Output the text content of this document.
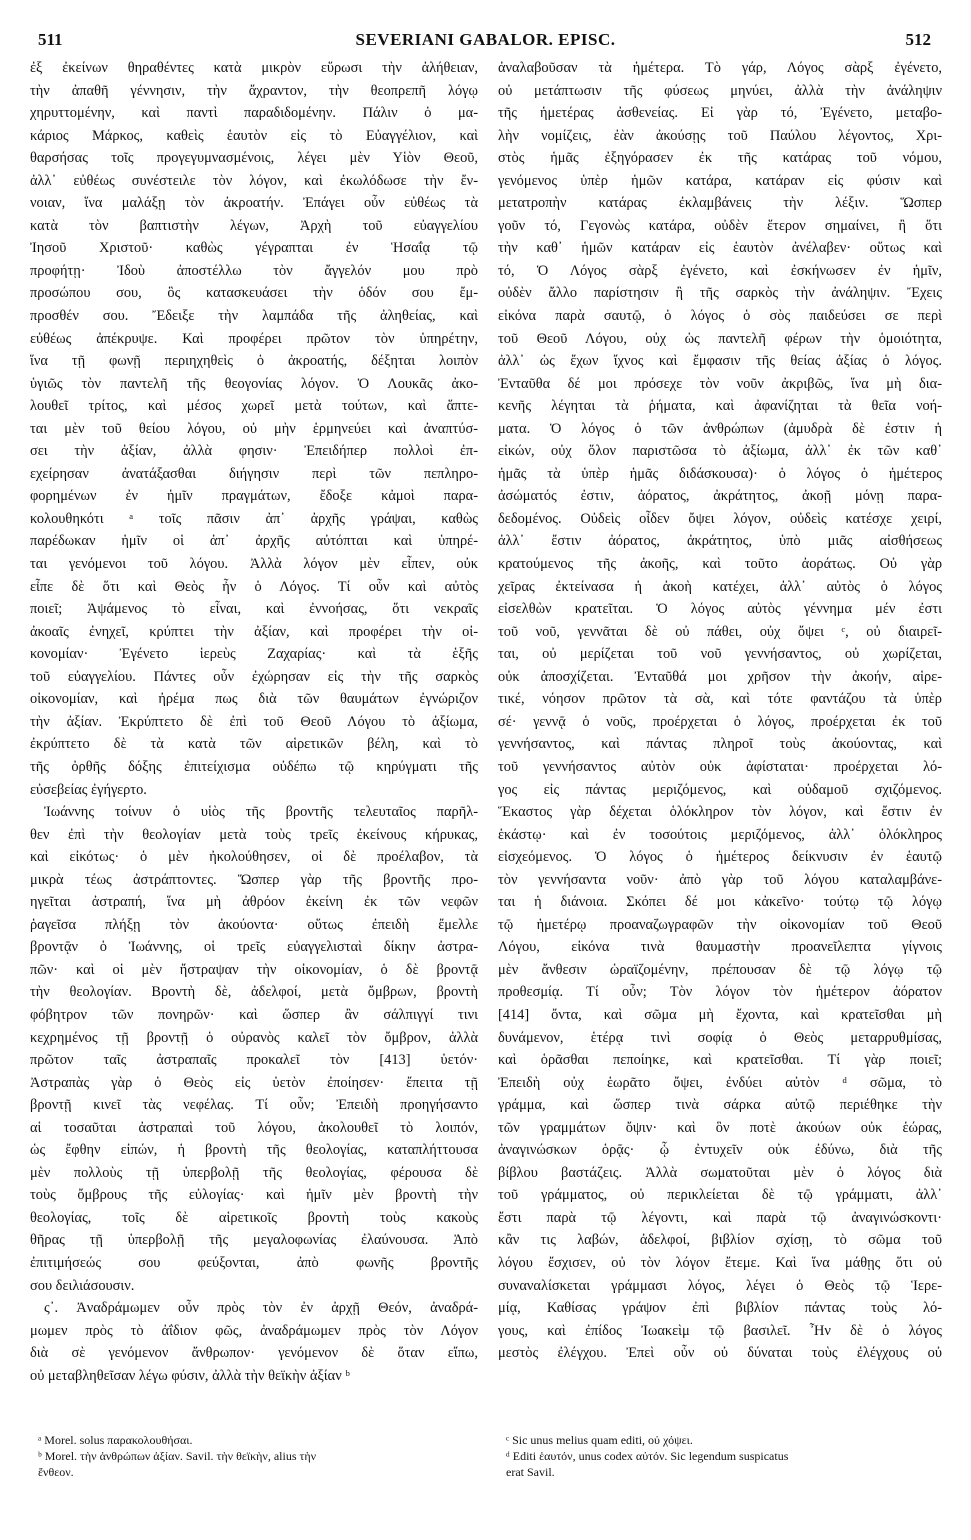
511	SEVERIANI GABALOR. EPISC.	512
ἐξ ἐκείνων θηραθέντες κατὰ μικρὸν εὕρωσι τὴν ἀλήθειαν,
τὴν ἀπαθῆ γέννησιν, τὴν ἄχραντον, τὴν θεοπρεπῆ λόγῳ
χηρυττομένην, καὶ παντὶ παραδιδομένην. Πάλιν ὁ μα-
κάριος Μάρκος, καθεὶς ἑαυτὸν εἰς τὸ Εὐαγγέλιον, καὶ
θαρσήσας τοῖς προγεγυμνασμένοις, λέγει μὲν Υἱὸν Θεοῦ,
ἀλλ᾽ εὐθέως συνέστειλε τὸν λόγον, καὶ ἐκωλόδωσε τὴν ἔν-
νοιαν, ἵνα μαλάξῃ τὸν ἀκροατήν. Ἐπάγει οὖν εὐθέως τὰ
κατὰ τὸν βαπτιστὴν λέγων, Ἀρχὴ τοῦ εὐαγγελίου
Ἰησοῦ Χριστοῦ· καθὼς γέγραπται ἐν Ἡσαΐᾳ τῷ
προφήτῃ· Ἰδοὺ ἀποστέλλω τὸν ἄγγελόν μου πρὸ
προσώπου σου, ὃς κατασκευάσει τὴν ὁδόν σου ἔμ-
προσθέν σου. Ἔδειξε τὴν λαμπάδα τῆς ἀληθείας, καὶ
εὐθέως ἀπέκρυψε. Καὶ προφέρει πρῶτον τὸν ὑπηρέτην,
ἵνα τῇ φωνῇ περιηχηθεὶς ὁ ἀκροατής, δέξηται λοιπὸν
ὑγιῶς τὸν παντελῆ τῆς θεογονίας λόγον. Ὁ Λουκᾶς ἀκο-
λουθεῖ τρίτος, καὶ μέσος χωρεῖ μετὰ τούτων, καὶ ἅπτε-
ται μὲν τοῦ θείου λόγου, οὐ μὴν ἑρμηνεύει καὶ ἀναπτύσ-
σει τὴν ἀξίαν, ἀλλὰ φησιν· Ἐπειδήπερ πολλοὶ ἐπ-
εχείρησαν ἀνατάξασθαι διήγησιν περὶ τῶν πεπληρο-
φορημένων ἐν ἡμῖν πραγμάτων, ἔδοξε κἀμοὶ παρα-
κολουθηκότι ᵃ τοῖς πᾶσιν ἀπ᾽ ἀρχῆς γράψαι, καθὼς
παρέδωκαν ἡμῖν οἱ ἀπ᾽ ἀρχῆς αὐτόπται καὶ ὑπηρέ-
ται γενόμενοι τοῦ λόγου. Ἀλλὰ λόγον μὲν εἶπεν, οὐκ
εἶπε δὲ ὅτι καὶ Θεὸς ἦν ὁ Λόγος. Τί οὖν καὶ αὐτὸς
ποιεῖ; Ἀψάμενος τὸ εἶναι, καὶ ἐννοήσας, ὅτι νεκραῖς
ἀκοαῖς ἐνηχεῖ, κρύπτει τὴν ἀξίαν, καὶ προφέρει τὴν οἰ-
κονομίαν· Ἐγένετο ἱερεὺς Ζαχαρίας· καὶ τὰ ἑξῆς
τοῦ εὐαγγελίου. Πάντες οὖν ἐχώρησαν εἰς τὴν τῆς σαρκὸς
οἰκονομίαν, καὶ ἠρέμα πως διὰ τῶν θαυμάτων ἐγνώριζον
τὴν ἀξίαν. Ἐκρύπτετο δὲ ἐπὶ τοῦ Θεοῦ Λόγου τὸ ἀξίωμα,
ἐκρύπτετο δὲ τὰ κατὰ τῶν αἱρετικῶν βέλη, καὶ τὸ
τῆς ὀρθῆς δόξης ἐπιτείχισμα οὐδέπω τῷ κηρύγματι τῆς
εὐσεβείας ἐγήγερτο.
Ἰωάννης τοίνυν ὁ υἱὸς τῆς βροντῆς τελευταῖος παρῆλ-
θεν ἐπὶ τὴν θεολογίαν μετὰ τοὺς τρεῖς ἐκείνους κήρυκας,
καὶ εἰκότως· ὁ μὲν ἠκολούθησεν, οἱ δὲ προέλαβον, τὰ
μικρὰ τέως ἀστράπτοντες. Ὥσπερ γὰρ τῆς βροντῆς προ-
ηγεῖται ἀστραπή, ἵνα μὴ ἀθρόον ἐκείνη ἐκ τῶν νεφῶν
ῥαγεῖσα πλήξῃ τὸν ἀκούοντα· οὕτως ἐπειδὴ ἔμελλε
βροντᾷν ὁ Ἰωάννης, οἱ τρεῖς εὐαγγελισταὶ δίκην ἀστρα-
πῶν· καὶ οἱ μὲν ἤστραψαν τὴν οἰκονομίαν, ὁ δὲ βροντᾷ
τὴν θεολογίαν. Βροντὴ δὲ, ἀδελφοί, μετὰ ὄμβρων, βροντὴ
φόβητρον τῶν πονηρῶν· καὶ ὥσπερ ἂν σάλπιγγί τινι
κεχρημένος τῇ βροντῇ ὁ οὐρανὸς καλεῖ τὸν ὄμβρον, ἀλλὰ
πρῶτον ταῖς ἀστραπαῖς προκαλεῖ τὸν [413] ὑετόν·
Ἀστραπὰς γὰρ ὁ Θεὸς εἰς ὑετὸν ἐποίησεν· ἔπειτα τῇ
βροντῇ κινεῖ τὰς νεφέλας. Τί οὖν; Ἐπειδὴ προηγήσαντο
αἱ τοσαῦται ἀστραπαὶ τοῦ λόγου, ἀκολουθεῖ τὸ λοιπόν,
ὡς ἔφθην εἰπών, ἡ βροντὴ τῆς θεολογίας, καταπλήττουσα
μὲν πολλοὺς τῇ ὑπερβολῇ τῆς θεολογίας, φέρουσα δὲ
τοὺς ὄμβρους τῆς εὐλογίας· καὶ ἡμῖν μὲν βροντὴ τὴν
θεολογίας, τοῖς δὲ αἱρετικοῖς βροντὴ τοὺς κακοὺς
θῆρας τῇ ὑπερβολῇ τῆς μεγαλοφωνίας ἐλαύνουσα. Ἀπὸ
ἐπιτιμήσεώς σου φεύξονται, ἀπὸ φωνῆς βροντῆς
σου δειλιάσουσιν.
ς᾽. Ἀναδράμωμεν οὖν πρὸς τὸν ἐν ἀρχῇ Θεόν, ἀναδρά-
μωμεν πρὸς τὸ ἀΐδιον φῶς, ἀναδράμωμεν πρὸς τὸν Λόγον
διὰ σὲ γενόμενον ἄνθρωπον· γενόμενον δὲ ὅταν εἴπω,
οὐ μεταβληθεῖσαν λέγω φύσιν, ἀλλὰ τὴν θεϊκὴν ἀξίαν ᵇ
ἀναλαβοῦσαν τὰ ἡμέτερα. Τὸ γάρ, Λόγος σὰρξ ἐγένετο,
οὐ μετάπτωσιν τῆς φύσεως μηνύει, ἀλλὰ τὴν ἀνάληψιν
τῆς ἡμετέρας ἀσθενείας. Εἰ γὰρ τό, Ἐγένετο, μεταβο-
λὴν νομίζεις, ἐὰν ἀκούσῃς τοῦ Παύλου λέγοντος, Χρι-
στὸς ἡμᾶς ἐξηγόρασεν ἐκ τῆς κατάρας τοῦ νόμου,
γενόμενος ὑπὲρ ἡμῶν κατάρα, κατάραν εἰς φύσιν καὶ
μετατροπὴν κατάρας ἐκλαμβάνεις τὴν λέξιν. Ὥσπερ
γοῦν τό, Γεγονὼς κατάρα, οὐδὲν ἕτερον σημαίνει, ἢ ὅτι
τὴν καθ᾽ ἡμῶν κατάραν εἰς ἑαυτὸν ἀνέλαβεν· οὕτως καὶ
τό, Ὁ Λόγος σὰρξ ἐγένετο, καὶ ἐσκήνωσεν ἐν ἡμῖν,
οὐδὲν ἄλλο παρίστησιν ἢ τῆς σαρκὸς τὴν ἀνάληψιν. Ἔχεις
εἰκόνα παρὰ σαυτῷ, ὁ λόγος ὁ σὸς παιδεύσει σε περὶ
τοῦ Θεοῦ Λόγου, οὐχ ὡς παντελῆ φέρων τὴν ὁμοιότητα,
ἀλλ᾽ ὡς ἔχων ἴχνος καὶ ἔμφασιν τῆς θείας ἀξίας ὁ λόγος.
Ἐνταῦθα δέ μοι πρόσεχε τὸν νοῦν ἀκριβῶς, ἵνα μὴ δια-
κενῆς λέγηται τὰ ῥήματα, καὶ ἀφανίζηται τὰ θεῖα νοή-
ματα. Ὁ λόγος ὁ τῶν ἀνθρώπων (ἀμυδρὰ δὲ ἐστιν ἡ
εἰκών, οὐχ ὅλον παριστῶσα τὸ ἀξίωμα, ἀλλ᾽ ἐκ τῶν καθ᾽
ἡμᾶς τὰ ὑπὲρ ἡμᾶς διδάσκουσα)· ὁ λόγος ὁ ἡμέτερος
ἀσώματός ἐστιν, ἀόρατος, ἀκράτητος, ἀκοῇ μόνῃ παρα-
δεδομένος. Οὐδεὶς οἶδεν ὄψει λόγον, οὐδεὶς κατέσχε χειρί,
ἀλλ᾽ ἔστιν ἀόρατος, ἀκράτητος, ὑπὸ μιᾶς αἰσθήσεως
κρατούμενος τῆς ἀκοῆς, καὶ τοῦτο ἀοράτως. Οὐ γὰρ
χεῖρας ἐκτείνασα ἡ ἀκοὴ κατέχει, ἀλλ᾽ αὐτὸς ὁ λόγος
εἰσελθὼν κρατεῖται. Ὁ λόγος αὐτὸς γέννημα μέν ἐστι
τοῦ νοῦ, γεννᾶται δὲ οὐ πάθει, οὐχ ὄψει ᶜ, οὐ διαιρεῖ-
ται, οὐ μερίζεται τοῦ νοῦ γεννήσαντος, οὐ χωρίζεται,
οὐκ ἀποσχίζεται. Ἐνταῦθά μοι χρῆσον τὴν ἀκοήν, αἱρε-
τικέ, νόησον πρῶτον τὰ σὰ, καὶ τότε φαντάζου τὰ ὑπὲρ
σέ· γεννᾷ ὁ νοῦς, προέρχεται ὁ λόγος, προέρχεται ἐκ τοῦ
γεννήσαντος, καὶ πάντας πληροῖ τοὺς ἀκούοντας, καὶ
τοῦ γεννήσαντος αὐτὸν οὐκ ἀφίσταται· προέρχεται λό-
γος εἰς πάντας μεριζόμενος, καὶ οὐδαμοῦ σχιζόμενος.
Ἕκαστος γὰρ δέχεται ὁλόκληρον τὸν λόγον, καὶ ἔστιν ἐν
ἑκάστῳ· καὶ ἐν τοσούτοις μεριζόμενος, ἀλλ᾽ ὁλόκληρος
εἰσχεόμενος. Ὁ λόγος ὁ ἡμέτερος δείκνυσιν ἐν ἑαυτῷ
τὸν γεννήσαντα νοῦν· ἀπὸ γὰρ τοῦ λόγου καταλαμβάνε-
ται ἡ διάνοια. Σκόπει δέ μοι κἀκεῖνο· τούτῳ τῷ λόγῳ
τῷ ἡμετέρῳ προαναζωγραφῶν τὴν οἰκονομίαν τοῦ Θεοῦ
Λόγου, εἰκόνα τινὰ θαυμαστὴν προανεῖλεπτα γίγνοις
μὲν ἄνθεσιν ὡραϊζομένην, πρέπουσαν δὲ τῷ λόγῳ τῷ
προθεσμίᾳ. Τί οὖν; Τὸν λόγον τὸν ἡμέτερον ἀόρατον
[414] ὄντα, καὶ σῶμα μὴ ἔχοντα, καὶ κρατεῖσθαι μὴ
δυνάμενον, ἑτέρᾳ τινὶ σοφίᾳ ὁ Θεὸς μεταρρυθμίσας,
καὶ ὁρᾶσθαι πεποίηκε, καὶ κρατεῖσθαι. Τί γὰρ ποιεῖ;
Ἐπειδὴ οὐχ ἑωρᾶτο ὄψει, ἐνδύει αὐτὸν ᵈ σῶμα, τὸ
γράμμα, καὶ ὥσπερ τινὰ σάρκα αὐτῷ περιέθηκε τὴν
τῶν γραμμάτων ὄψιν· καὶ ὃν ποτὲ ἀκούων οὐκ ἑώρας,
ἀναγινώσκων ὁρᾷς· ᾧ ἐντυχεῖν οὐκ ἐδύνω, διὰ τῆς
βίβλου βαστάζεις. Ἀλλὰ σωματοῦται μὲν ὁ λόγος διὰ
τοῦ γράμματος, οὐ περικλείεται δὲ τῷ γράμματι, ἀλλ᾽
ἔστι παρὰ τῷ λέγοντι, καὶ παρὰ τῷ ἀναγινώσκοντι·
κἂν τις λαβών, ἀδελφοί, βιβλίον σχίσῃ, τὸ σῶμα τοῦ
λόγου ἔσχισεν, οὐ τὸν λόγον ἔτεμε. Καὶ ἵνα μάθῃς ὅτι οὐ
συναναλίσκεται γράμμασι λόγος, λέγει ὁ Θεὸς τῷ Ἱερε-
μίᾳ, Καθίσας γράψον ἐπὶ βιβλίον πάντας τοὺς λό-
γους, καὶ ἐπίδος Ἰωακεὶμ τῷ βασιλεῖ. Ἦν δὲ ὁ λόγος
μεστὸς ἐλέγχου. Ἐπεὶ οὖν οὐ δύναται τοὺς ἐλέγχους οὐ
ᵃ Morel. solus παρακολουθήσαι.
ᵇ Morel. τὴν ἀνθρώπων ἀξίαν. Savil. τὴν θεϊκὴν, alius τὴν
ἔνθεον.
ᶜ Sic unus melius quam editi, οὐ χόψει.
ᵈ Editi ἑαυτόν, unus codex αὐτόν. Sic legendum suspicatus
erat Savil.
